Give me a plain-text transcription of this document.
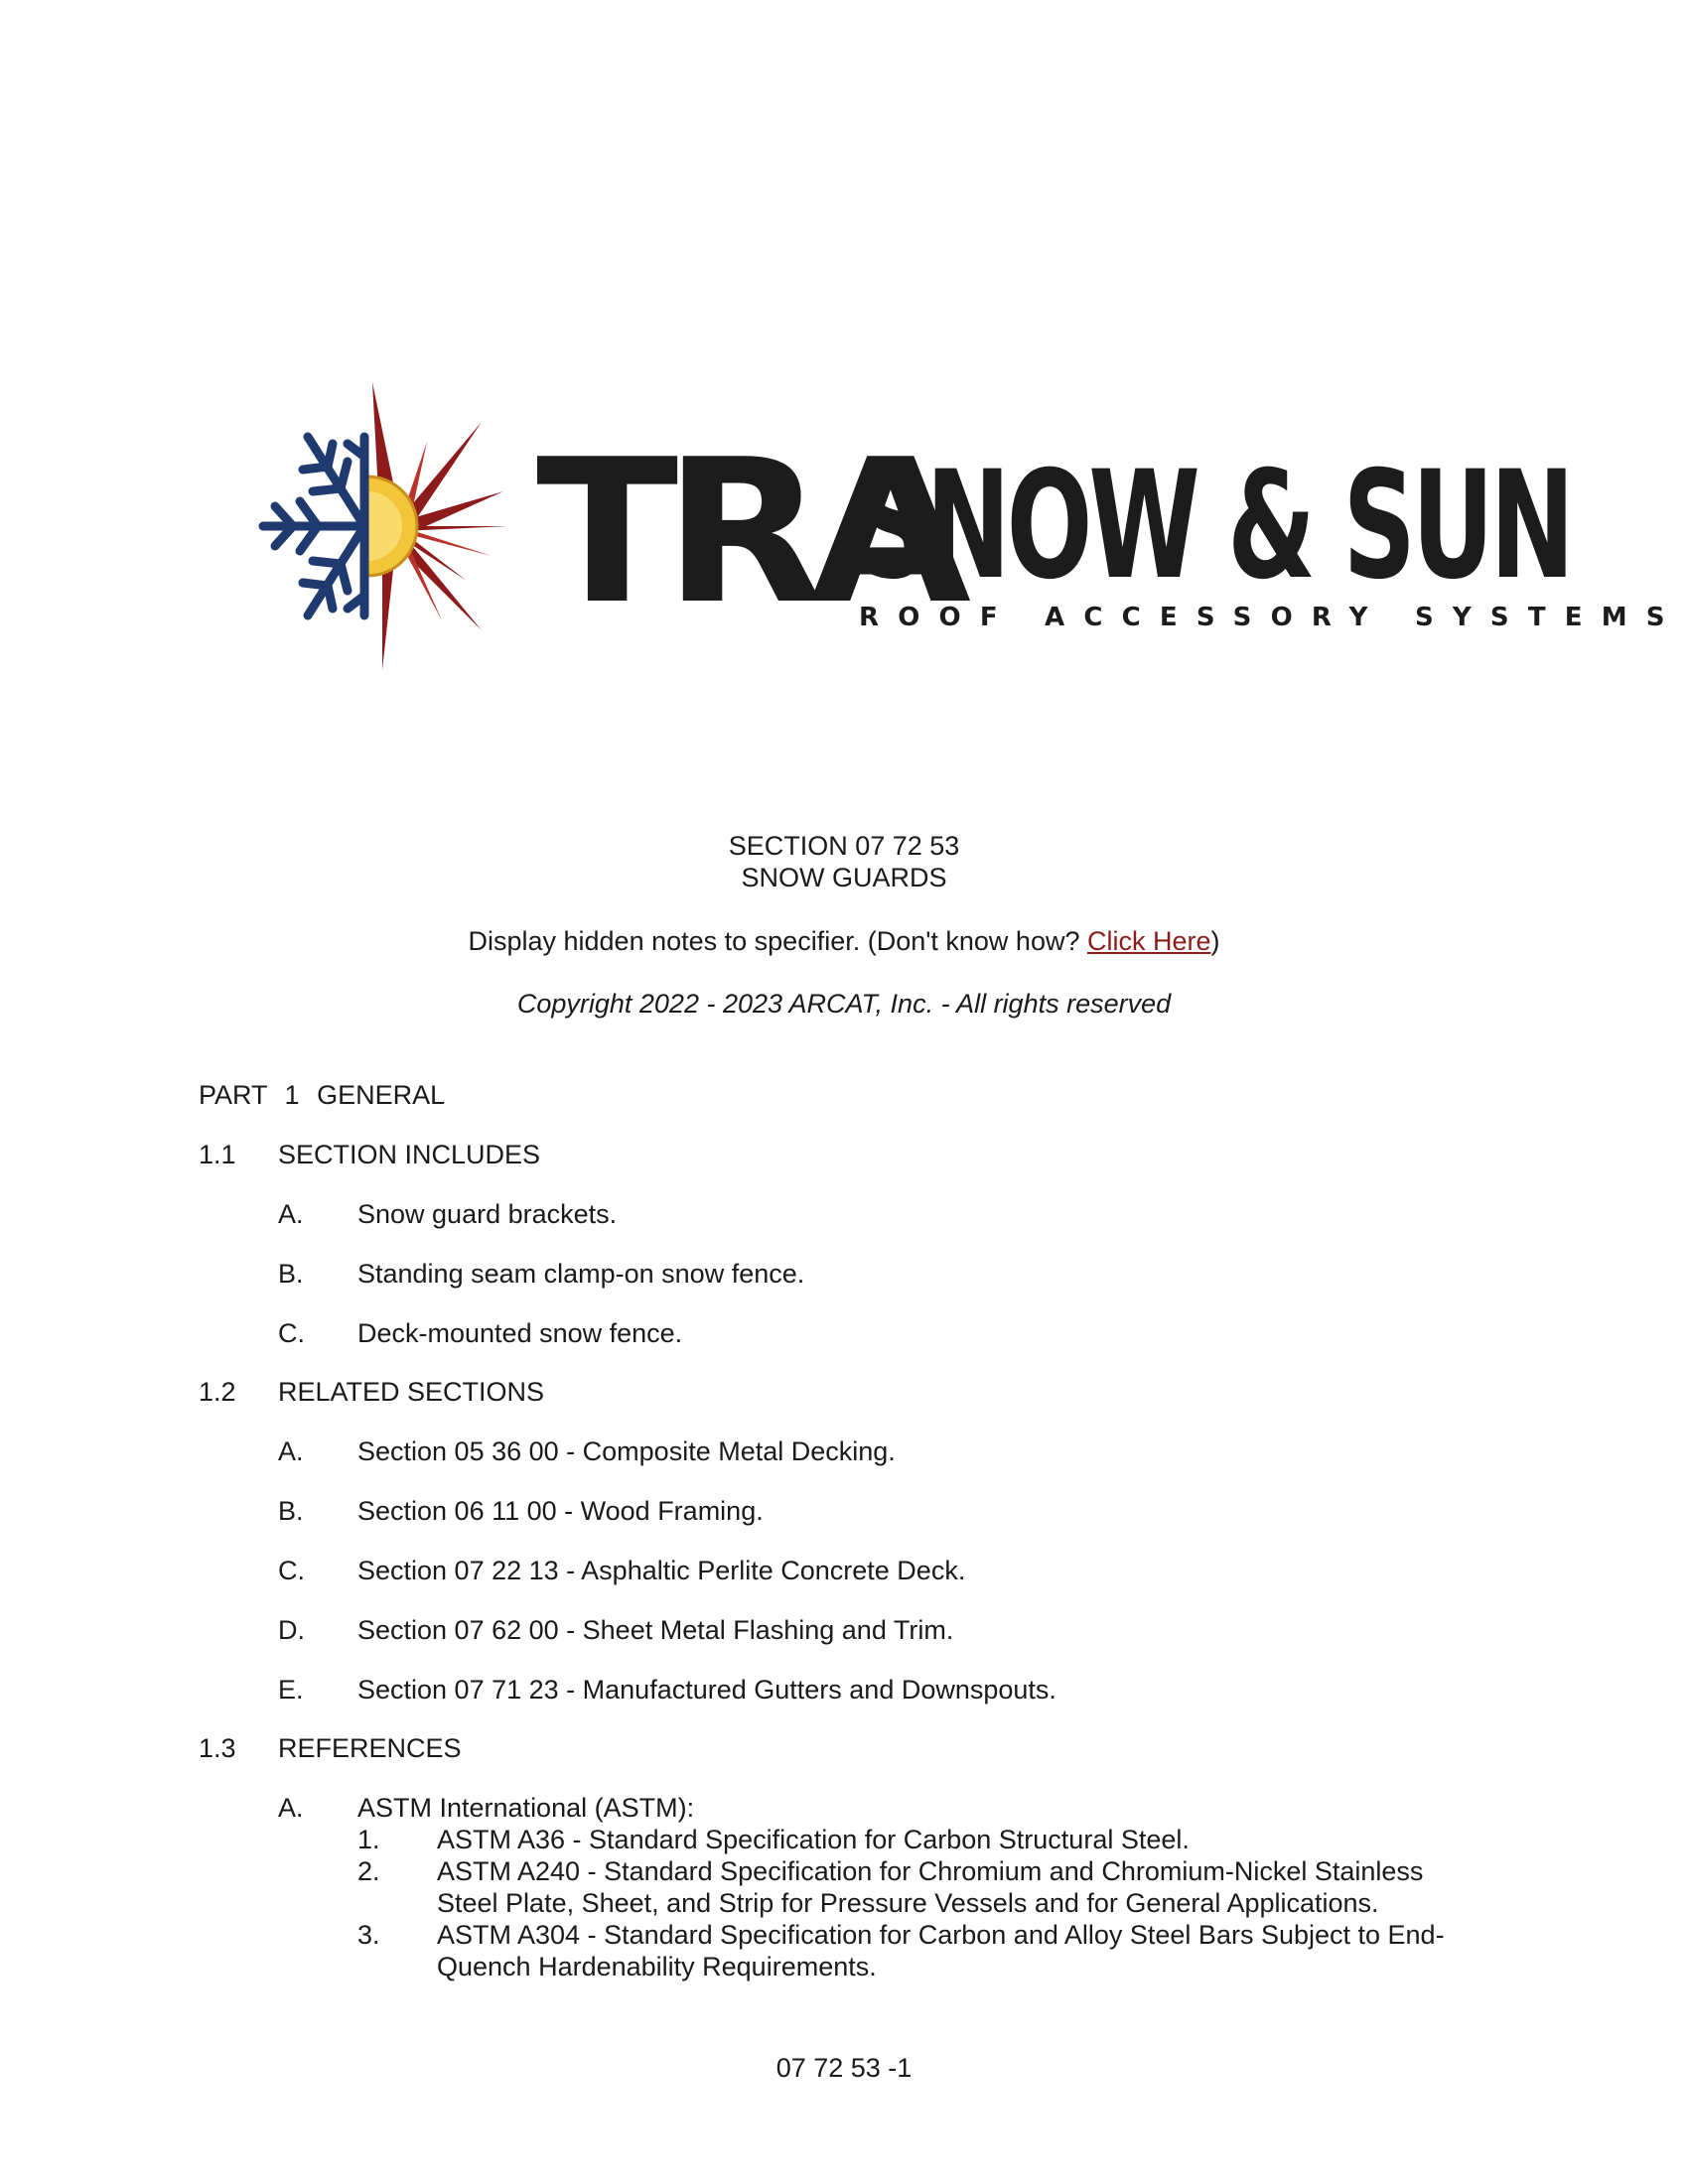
TRA
SNOW & SUN
ROOF ACCESSORY SYSTEMS
SECTION 07 72 53
SNOW GUARDS
Display hidden notes to specifier. (Don't know how? Click Here)
Copyright 2022 - 2023 ARCAT, Inc. - All rights reserved
PART 1 GENERAL
1.1 SECTION INCLUDES
A. Snow guard brackets.
B. Standing seam clamp-on snow fence.
C. Deck-mounted snow fence.
1.2 RELATED SECTIONS
A. Section 05 36 00 - Composite Metal Decking.
B. Section 06 11 00 - Wood Framing.
C. Section 07 22 13 - Asphaltic Perlite Concrete Deck.
D. Section 07 62 00 - Sheet Metal Flashing and Trim.
E. Section 07 71 23 - Manufactured Gutters and Downspouts.
1.3 REFERENCES
A. ASTM International (ASTM):
1. ASTM A36 - Standard Specification for Carbon Structural Steel.
2. ASTM A240 - Standard Specification for Chromium and Chromium-Nickel Stainless
Steel Plate, Sheet, and Strip for Pressure Vessels and for General Applications.
3. ASTM A304 - Standard Specification for Carbon and Alloy Steel Bars Subject to End-
Quench Hardenability Requirements.
07 72 53 -1
